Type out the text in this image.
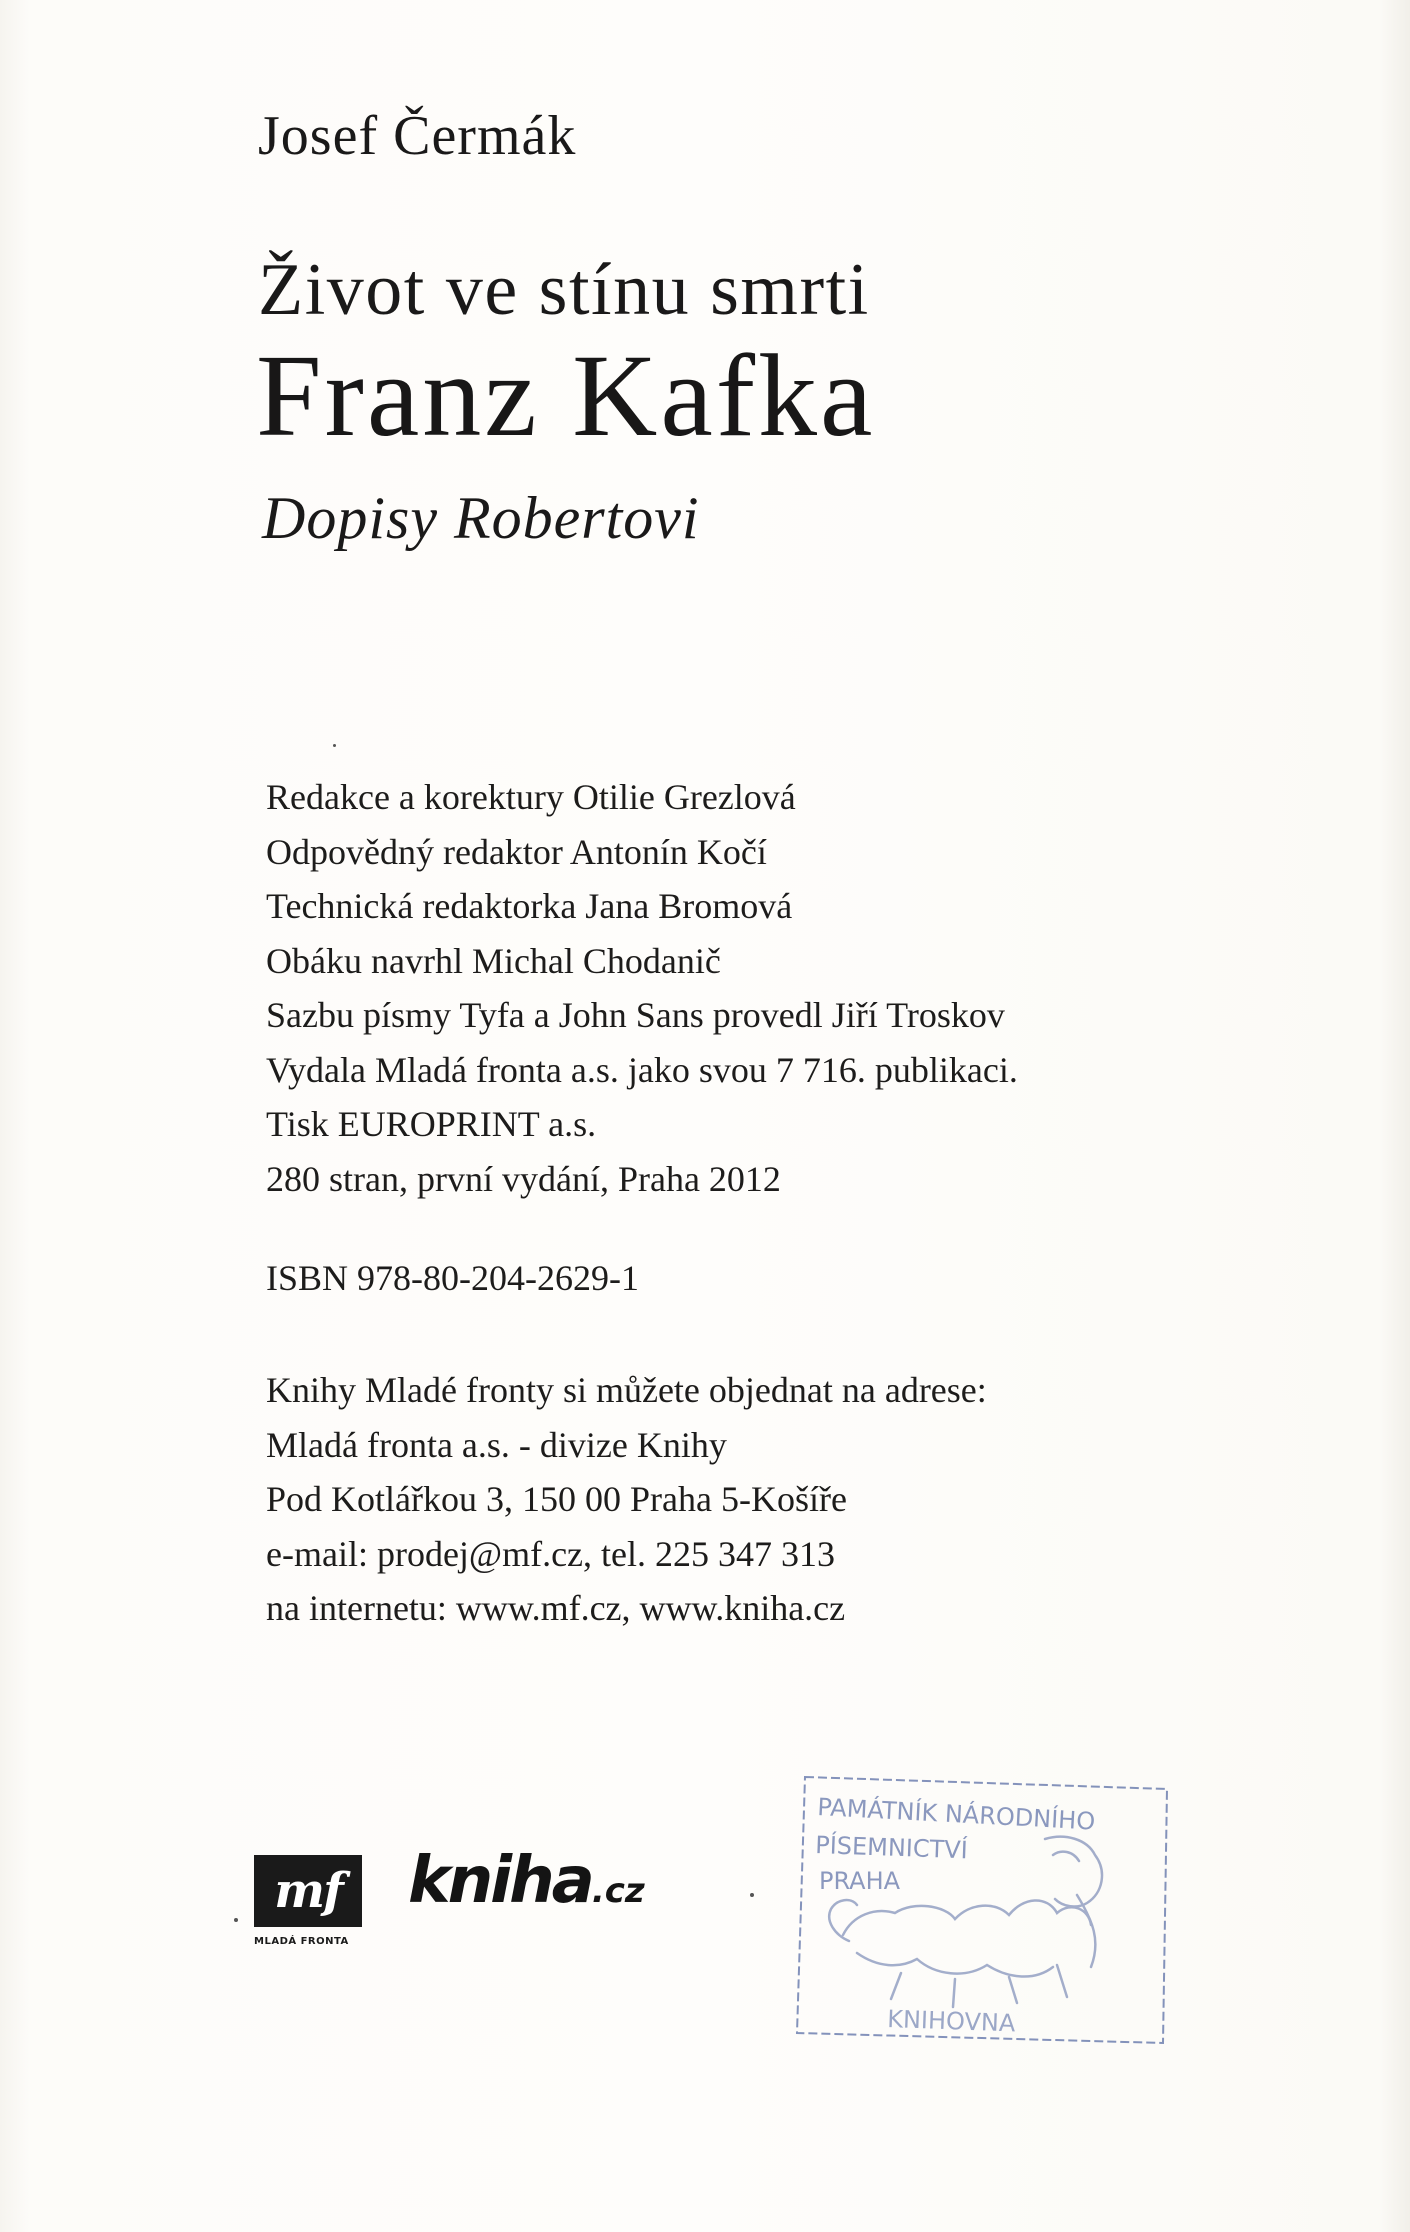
Josef Čermák
Život ve stínu smrti
Franz Kafka
Dopisy Robertovi
Redakce a korektury Otilie Grezlová
Odpovědný redaktor Antonín Kočí
Technická redaktorka Jana Bromová
Obáku navrhl Michal Chodanič
Sazbu písmy Tyfa a John Sans provedl Jiří Troskov
Vydala Mladá fronta a.s. jako svou 7 716. publikaci.
Tisk EUROPRINT a.s.
280 stran, první vydání, Praha 2012
ISBN 978-80-204-2629-1
Knihy Mladé fronty si můžete objednat na adrese:
Mladá fronta a.s. - divize Knihy
Pod Kotlářkou 3, 150 00 Praha 5-Košíře
e-mail: prodej@mf.cz, tel. 225 347 313
na internetu: www.mf.cz, www.kniha.cz
mf
MLADÁ FRONTA
kniha.cz
PAMÁTNÍK NÁRODNÍHO
PÍSEMNICTVÍ
PRAHA
KNIHOVNA
